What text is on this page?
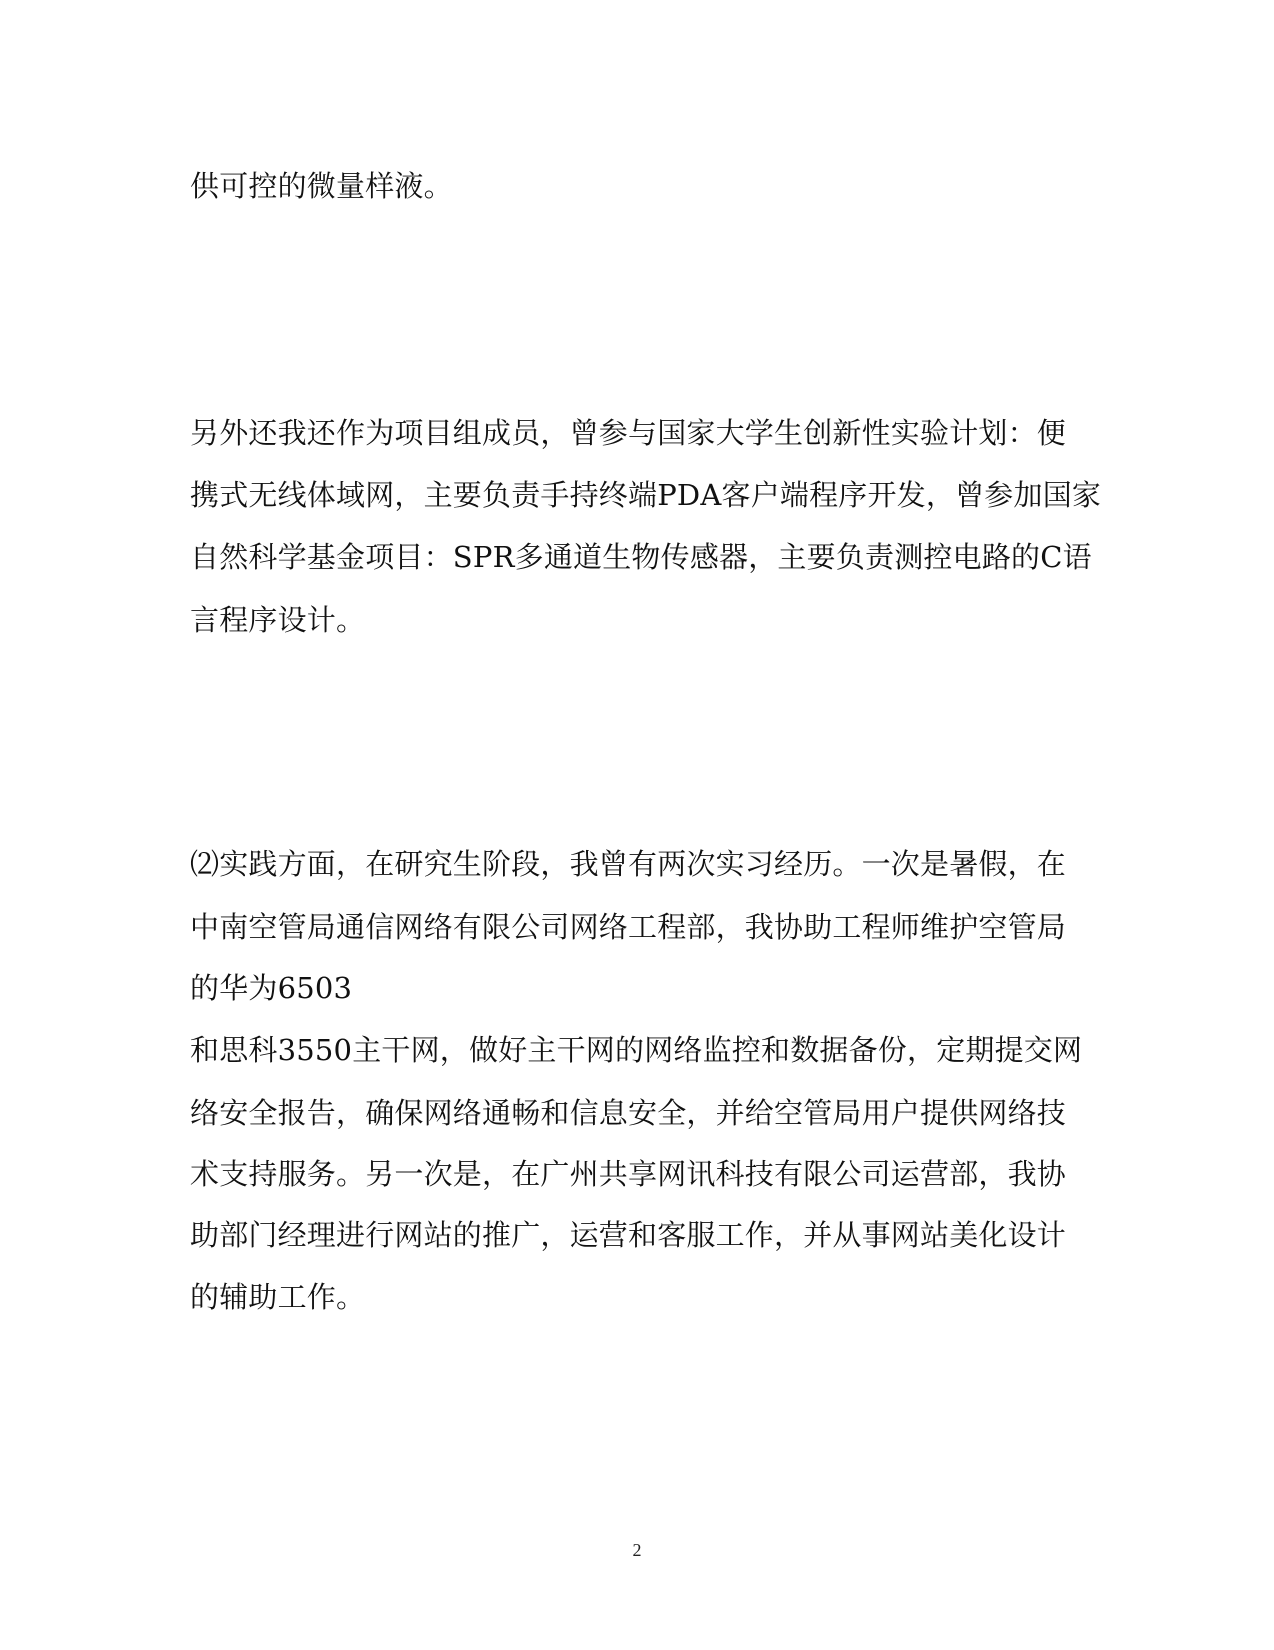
供可控的微量样液。
另外还我还作为项目组成员，曾参与国家大学生创新性实验计划：便
携式无线体域网，主要负责手持终端PDA客户端程序开发，曾参加国家
自然科学基金项目：SPR多通道生物传感器，主要负责测控电路的C语
言程序设计。
⑵实践方面，在研究生阶段，我曾有两次实习经历。一次是暑假，在
中南空管局通信网络有限公司网络工程部，我协助工程师维护空管局
的华为6503
和思科3550主干网，做好主干网的网络监控和数据备份，定期提交网
络安全报告，确保网络通畅和信息安全，并给空管局用户提供网络技
术支持服务。另一次是，在广州共享网讯科技有限公司运营部，我协
助部门经理进行网站的推广，运营和客服工作，并从事网站美化设计
的辅助工作。
2
